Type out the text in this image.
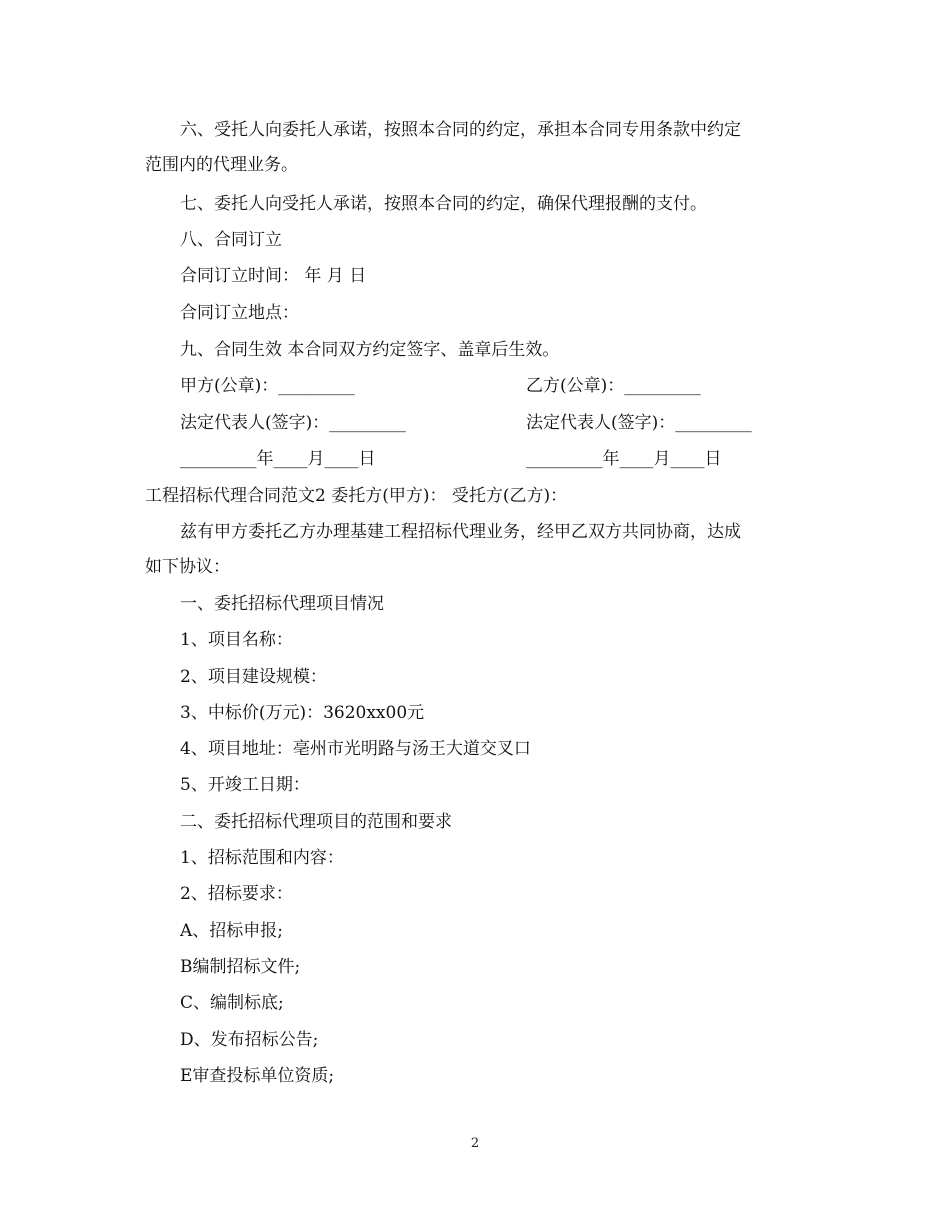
六、受托人向委托人承诺，按照本合同的约定，承担本合同专用条款中约定
范围内的代理业务。
七、委托人向受托人承诺，按照本合同的约定，确保代理报酬的支付。
八、合同订立
合同订立时间： 年 月 日
合同订立地点：
九、合同生效 本合同双方约定签字、盖章后生效。
甲方(公章)：_________	乙方(公章)：_________
法定代表人(签字)：_________	法定代表人(签字)：_________
_________年____月____日	_________年____月____日
工程招标代理合同范文2 委托方(甲方)： 受托方(乙方)：
兹有甲方委托乙方办理基建工程招标代理业务，经甲乙双方共同协商，达成
如下协议：
一、委托招标代理项目情况
1、项目名称：
2、项目建设规模：
3、中标价(万元)：3620xx00元
4、项目地址：亳州市光明路与汤王大道交叉口
5、开竣工日期：
二、委托招标代理项目的范围和要求
1、招标范围和内容：
2、招标要求：
A、招标申报;
B编制招标文件;
C、编制标底;
D、发布招标公告;
E审查投标单位资质;
2
